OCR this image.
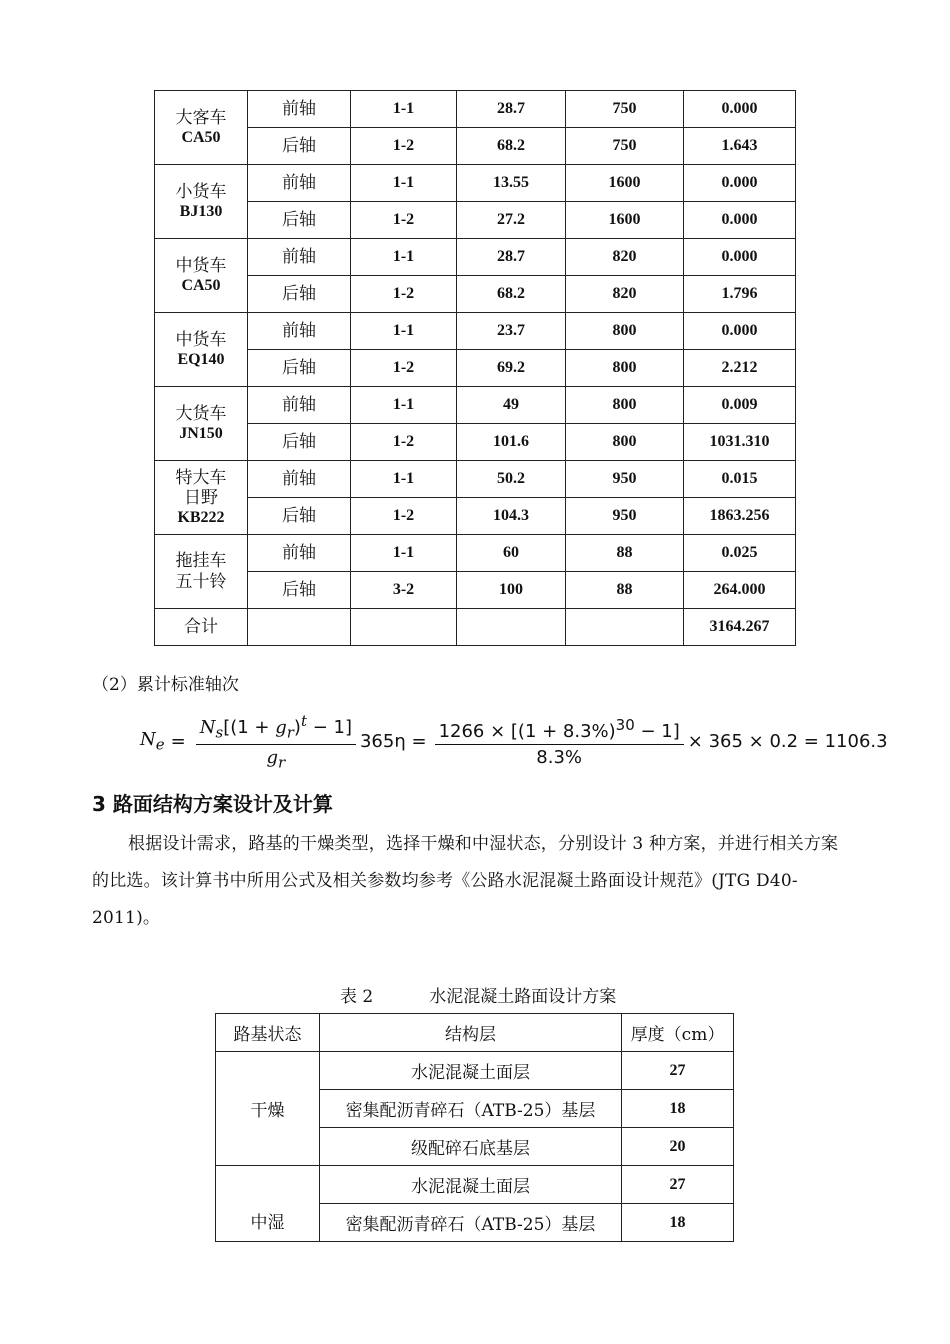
大客车
CA50	前轴	1-1	28.7	750	0.000
	后轴	1-2	68.2	750	1.643

小货车
BJ130	前轴	1-1	13.55	1600	0.000
	后轴	1-2	27.2	1600	0.000

中货车
CA50	前轴	1-1	28.7	820	0.000
	后轴	1-2	68.2	820	1.796

中货车
EQ140	前轴	1-1	23.7	800	0.000
	后轴	1-2	69.2	800	2.212

大货车
JN150	前轴	1-1	49	800	0.009
	后轴	1-2	101.6	800	1031.310

特大车
日野
KB222	前轴	1-1	50.2	950	0.015
	后轴	1-2	104.3	950	1863.256

拖挂车
五十铃	前轴	1-1	60	88	0.025
	后轴	3-2	100	88	264.000
合计					3164.267
（2）累计标准轴次
$N_e = \frac{N_s[(1 + g_r)^t - 1]}{g_r} 365\eta = \frac{1266 \times [(1 + 8.3\%)^{30} - 1]}{8.3\%} \times 365 \times 0.2 = 1106.3$
3 路面结构方案设计及计算
根据设计需求，路基的干燥类型，选择干燥和中湿状态，分别设计 3 种方案，并进行相关方案的比选。该计算书中所用公式及相关参数均参考《公路水泥混凝土路面设计规范》(JTG D40-2011)。
表 2	水泥混凝土路面设计方案
路基状态	结构层	厚度（cm）
干燥	水泥混凝土面层	27
	密集配沥青碎石（ATB-25）基层	18
	级配碎石底基层	20
中湿	水泥混凝土面层	27
	密集配沥青碎石（ATB-25）基层	18
